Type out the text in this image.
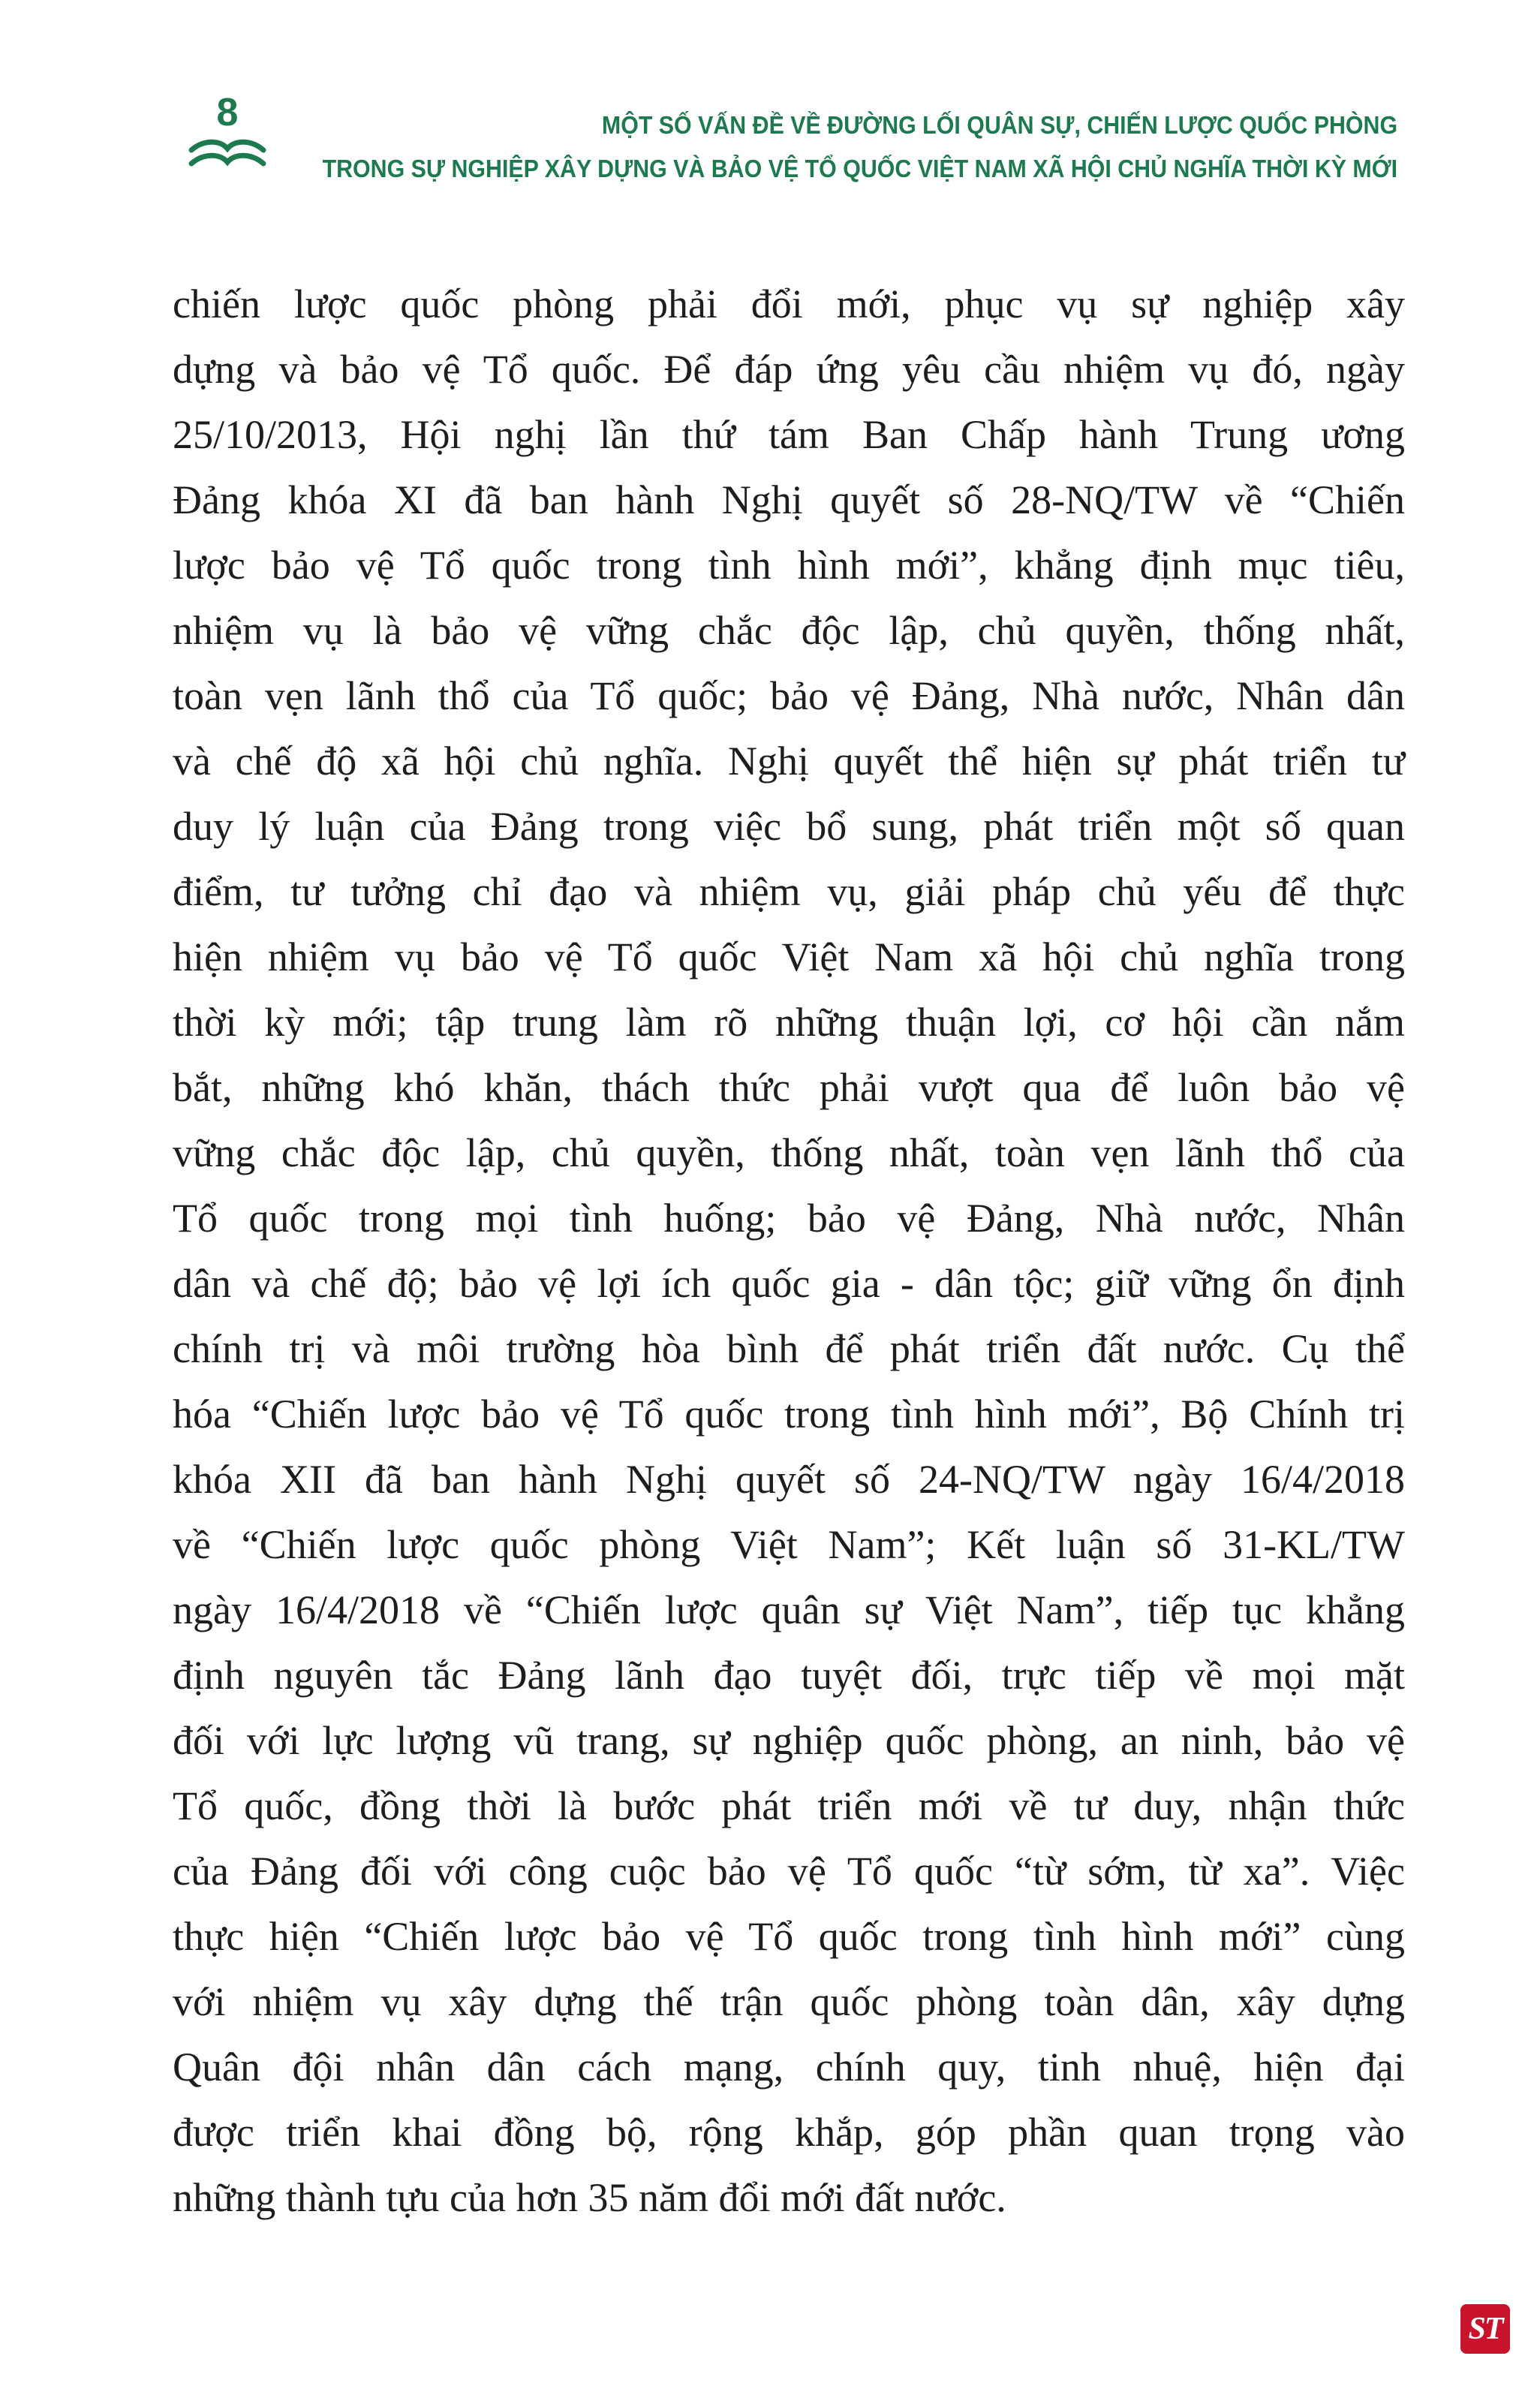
8	MỘT SỐ VẤN ĐỀ VỀ ĐƯỜNG LỐI QUÂN SỰ, CHIẾN LƯỢC QUỐC PHÒNG
TRONG SỰ NGHIỆP XÂY DỰNG VÀ BẢO VỆ TỔ QUỐC VIỆT NAM XÃ HỘI CHỦ NGHĨA THỜI KỲ MỚI
chiến lược quốc phòng phải đổi mới, phục vụ sự nghiệp xây
dựng và bảo vệ Tổ quốc. Để đáp ứng yêu cầu nhiệm vụ đó, ngày
25/10/2013, Hội nghị lần thứ tám Ban Chấp hành Trung ương
Đảng khóa XI đã ban hành Nghị quyết số 28-NQ/TW về “Chiến
lược bảo vệ Tổ quốc trong tình hình mới”, khẳng định mục tiêu,
nhiệm vụ là bảo vệ vững chắc độc lập, chủ quyền, thống nhất,
toàn vẹn lãnh thổ của Tổ quốc; bảo vệ Đảng, Nhà nước, Nhân dân
và chế độ xã hội chủ nghĩa. Nghị quyết thể hiện sự phát triển tư
duy lý luận của Đảng trong việc bổ sung, phát triển một số quan
điểm, tư tưởng chỉ đạo và nhiệm vụ, giải pháp chủ yếu để thực
hiện nhiệm vụ bảo vệ Tổ quốc Việt Nam xã hội chủ nghĩa trong
thời kỳ mới; tập trung làm rõ những thuận lợi, cơ hội cần nắm
bắt, những khó khăn, thách thức phải vượt qua để luôn bảo vệ
vững chắc độc lập, chủ quyền, thống nhất, toàn vẹn lãnh thổ của
Tổ quốc trong mọi tình huống; bảo vệ Đảng, Nhà nước, Nhân
dân và chế độ; bảo vệ lợi ích quốc gia - dân tộc; giữ vững ổn định
chính trị và môi trường hòa bình để phát triển đất nước. Cụ thể
hóa “Chiến lược bảo vệ Tổ quốc trong tình hình mới”, Bộ Chính trị
khóa XII đã ban hành Nghị quyết số 24-NQ/TW ngày 16/4/2018
về “Chiến lược quốc phòng Việt Nam”; Kết luận số 31-KL/TW
ngày 16/4/2018 về “Chiến lược quân sự Việt Nam”, tiếp tục khẳng
định nguyên tắc Đảng lãnh đạo tuyệt đối, trực tiếp về mọi mặt
đối với lực lượng vũ trang, sự nghiệp quốc phòng, an ninh, bảo vệ
Tổ quốc, đồng thời là bước phát triển mới về tư duy, nhận thức
của Đảng đối với công cuộc bảo vệ Tổ quốc “từ sớm, từ xa”. Việc
thực hiện “Chiến lược bảo vệ Tổ quốc trong tình hình mới” cùng
với nhiệm vụ xây dựng thế trận quốc phòng toàn dân, xây dựng
Quân đội nhân dân cách mạng, chính quy, tinh nhuệ, hiện đại
được triển khai đồng bộ, rộng khắp, góp phần quan trọng vào
những thành tựu của hơn 35 năm đổi mới đất nước.
ST
